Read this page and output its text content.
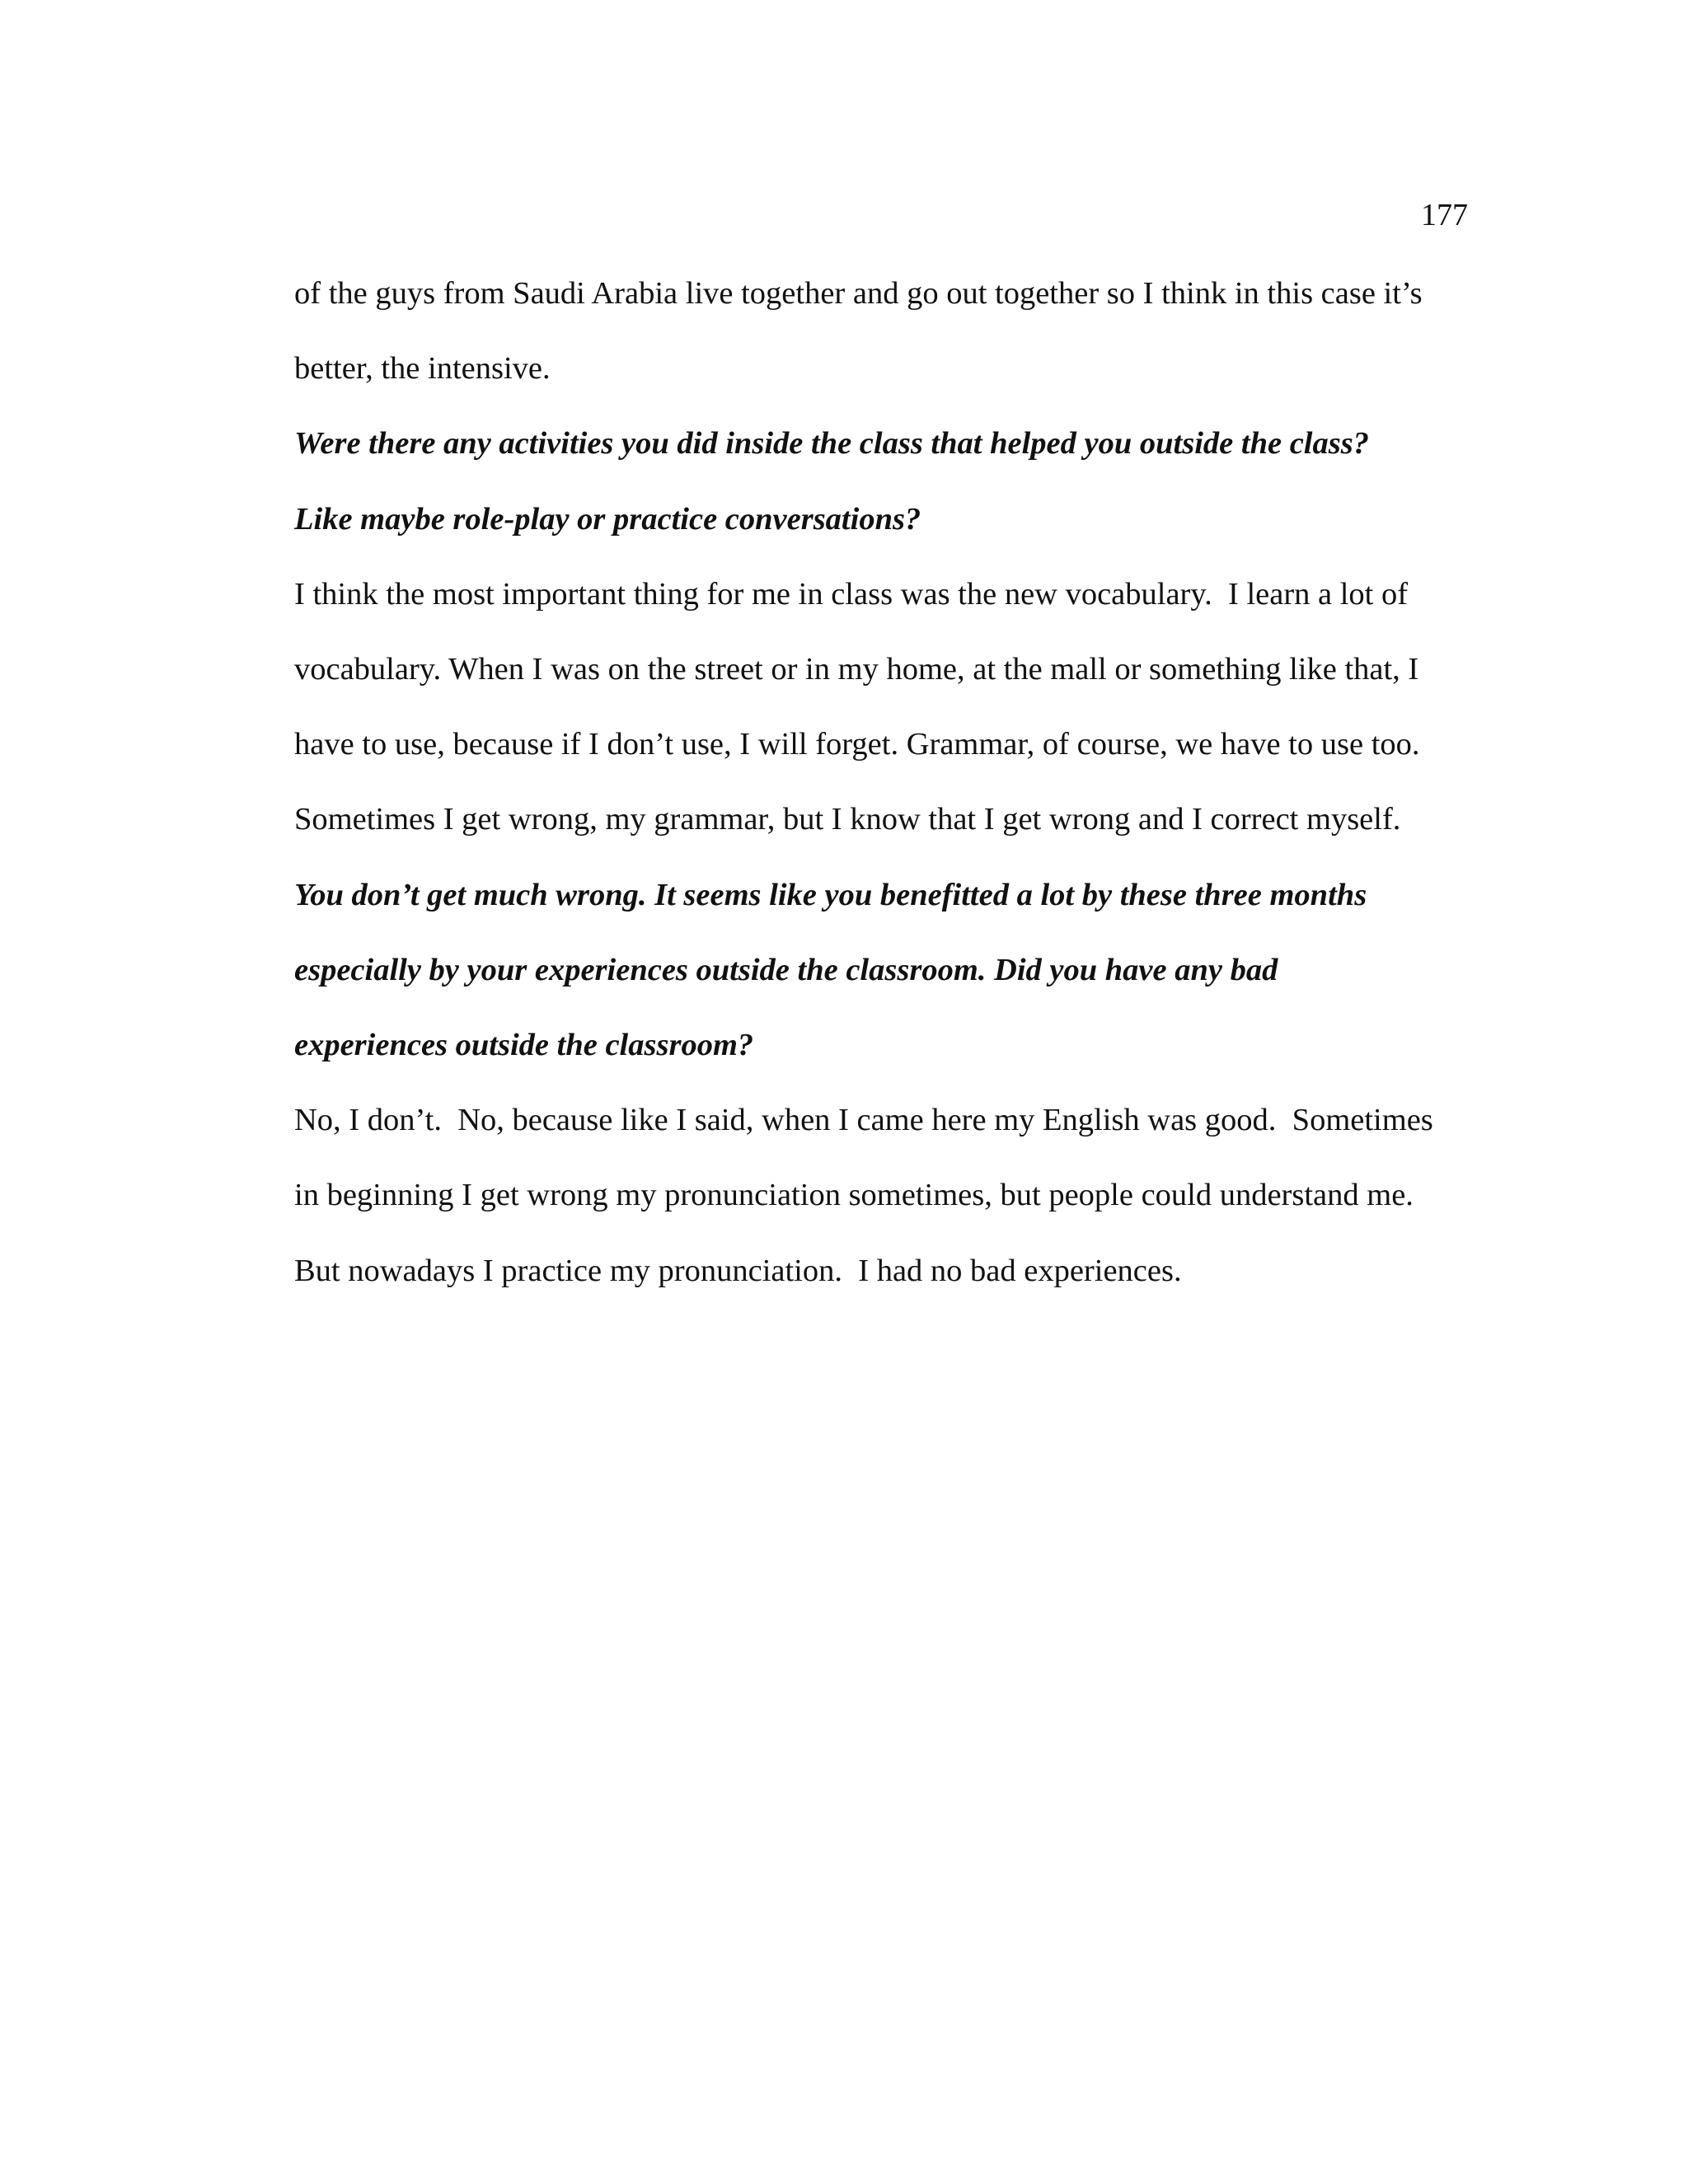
177

of the guys from Saudi Arabia live together and go out together so I think in this case it’s

better, the intensive.

Were there any activities you did inside the class that helped you outside the class?

Like maybe role-play or practice conversations?

I think the most important thing for me in class was the new vocabulary.  I learn a lot of

vocabulary. When I was on the street or in my home, at the mall or something like that, I

have to use, because if I don’t use, I will forget. Grammar, of course, we have to use too.

Sometimes I get wrong, my grammar, but I know that I get wrong and I correct myself.

You don’t get much wrong. It seems like you benefitted a lot by these three months

especially by your experiences outside the classroom. Did you have any bad

experiences outside the classroom?

No, I don’t.  No, because like I said, when I came here my English was good.  Sometimes

in beginning I get wrong my pronunciation sometimes, but people could understand me.

But nowadays I practice my pronunciation.  I had no bad experiences.
